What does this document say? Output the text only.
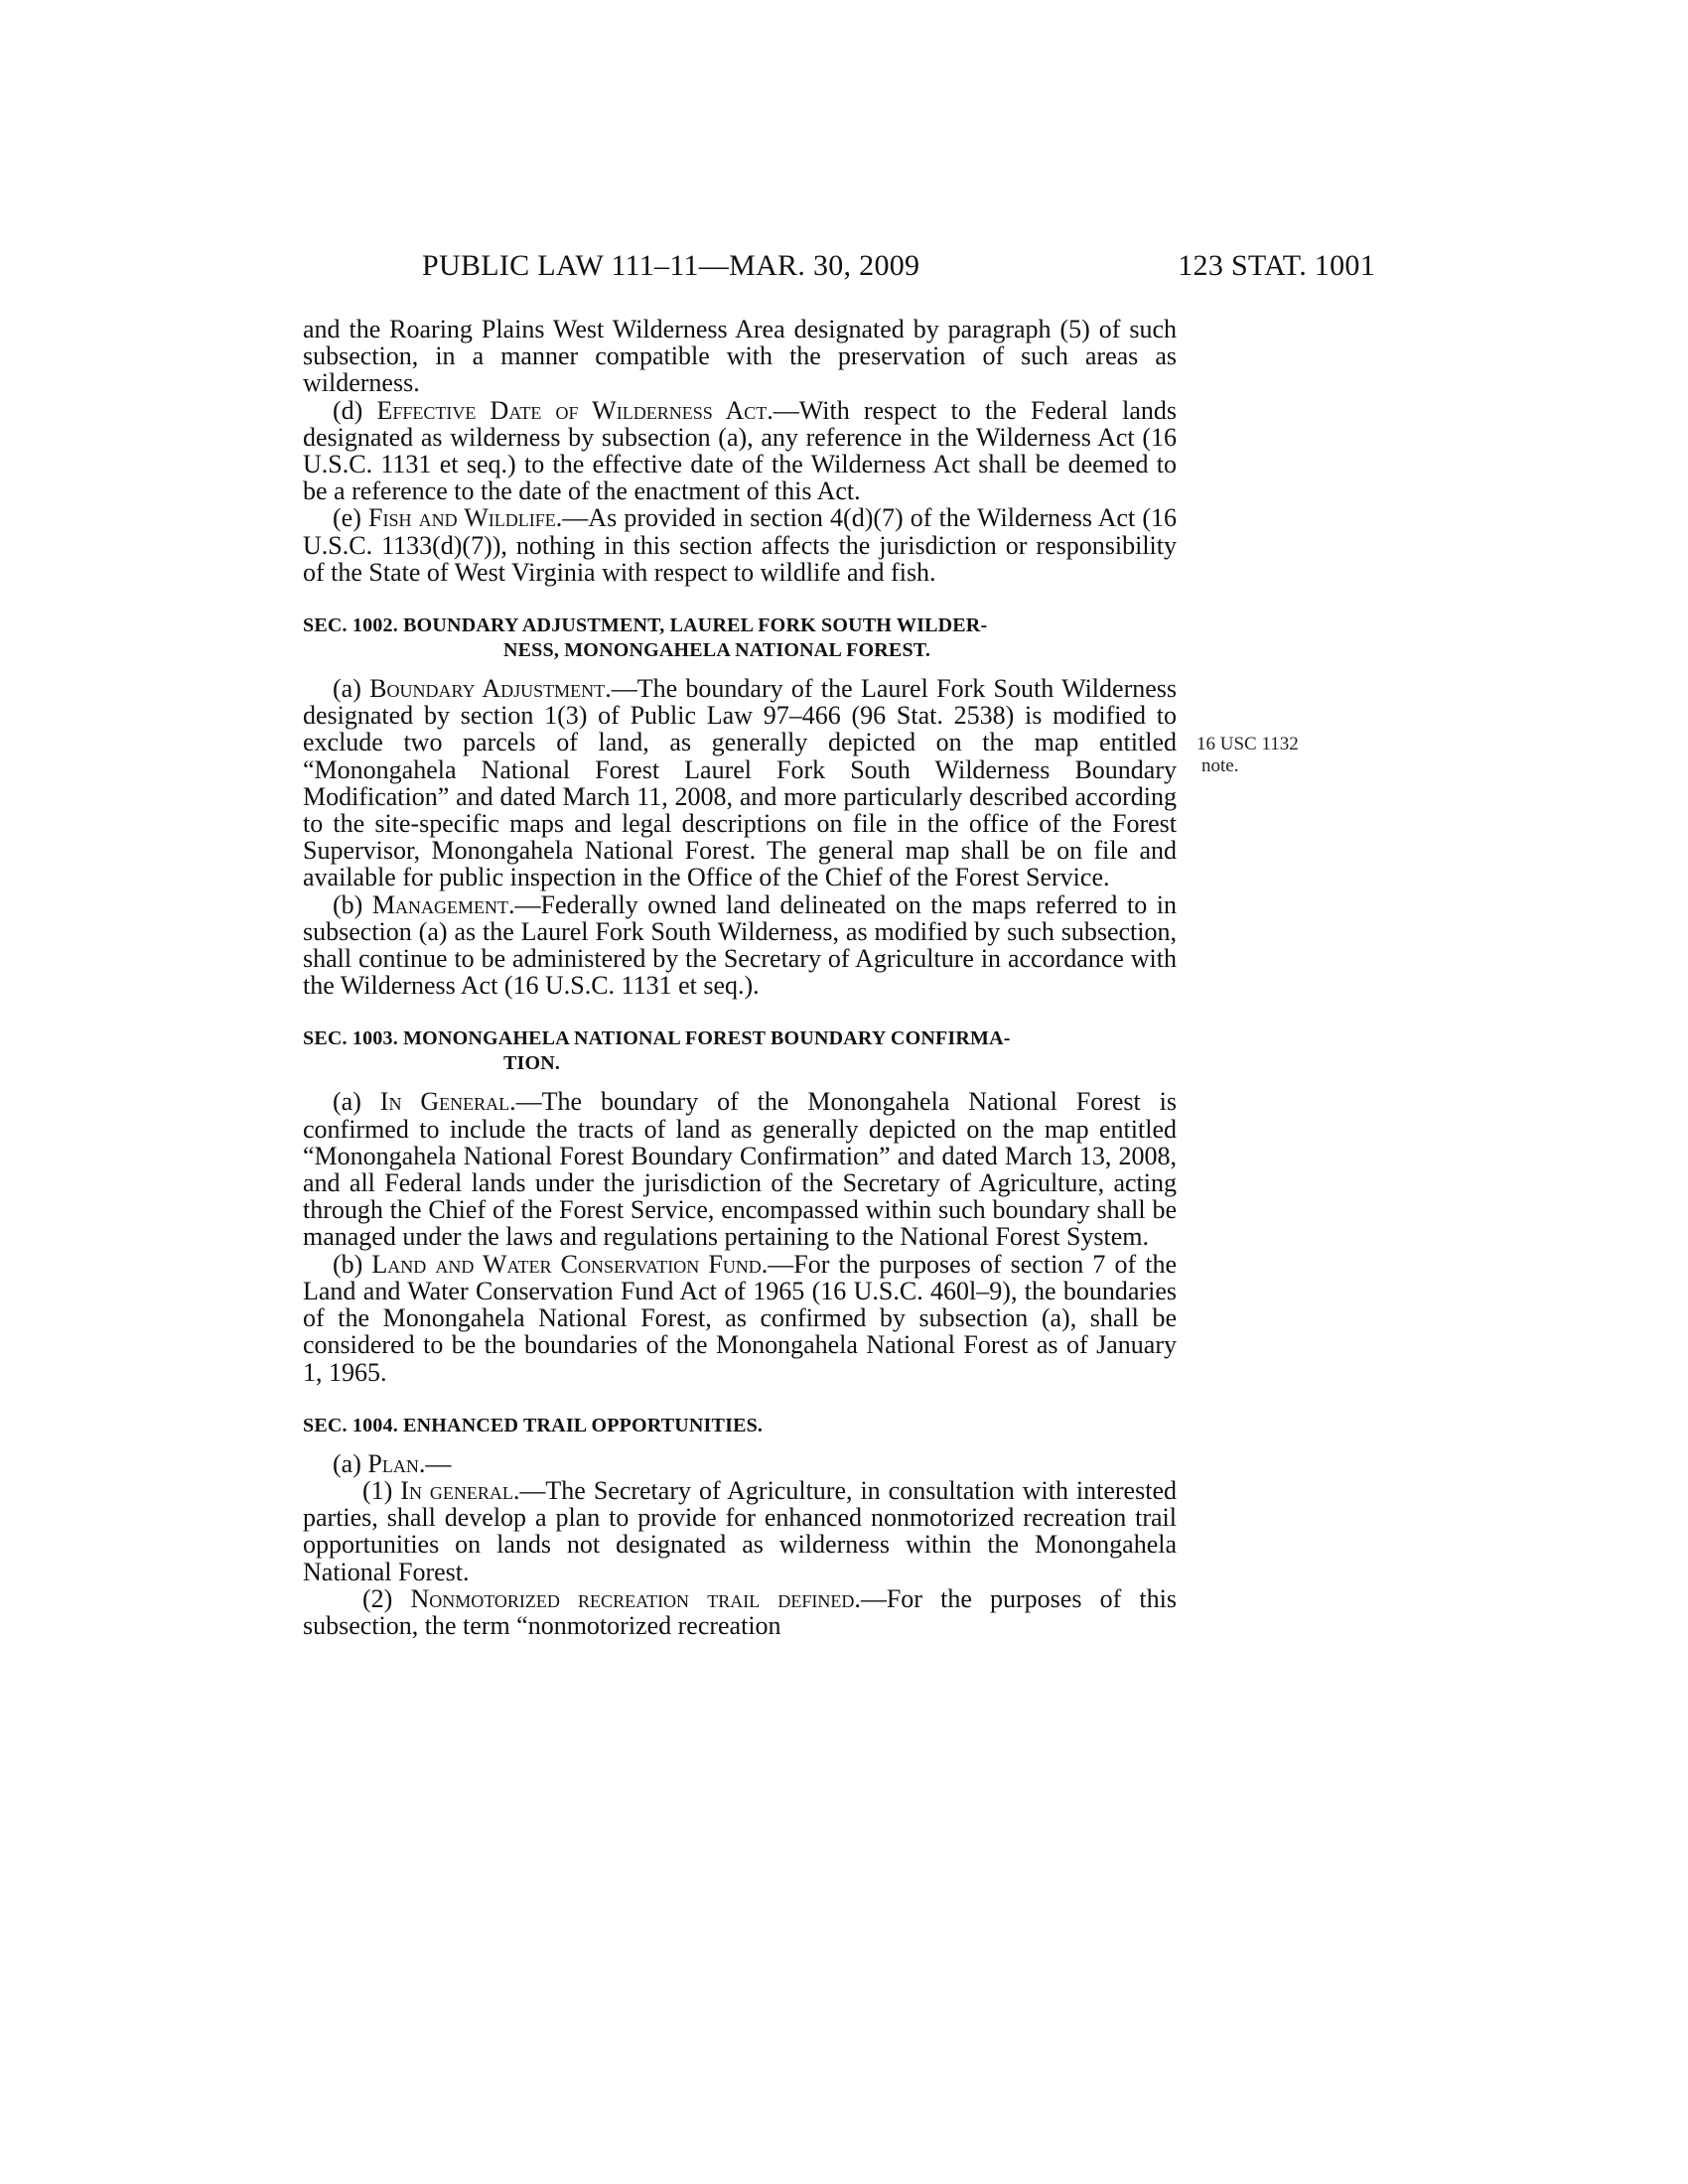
PUBLIC LAW 111–11—MAR. 30, 2009	123 STAT. 1001
16 USC 1132
note.

and the Roaring Plains West Wilderness Area designated by paragraph (5) of such subsection, in a manner compatible with the preservation of such areas as wilderness.

(d) Effective Date of Wilderness Act.—With respect to the Federal lands designated as wilderness by subsection (a), any reference in the Wilderness Act (16 U.S.C. 1131 et seq.) to the effective date of the Wilderness Act shall be deemed to be a reference to the date of the enactment of this Act.

(e) Fish and Wildlife.—As provided in section 4(d)(7) of the Wilderness Act (16 U.S.C. 1133(d)(7)), nothing in this section affects the jurisdiction or responsibility of the State of West Virginia with respect to wildlife and fish.

SEC. 1002. BOUNDARY ADJUSTMENT, LAUREL FORK SOUTH WILDER-
NESS, MONONGAHELA NATIONAL FOREST.

(a) Boundary Adjustment.—The boundary of the Laurel Fork South Wilderness designated by section 1(3) of Public Law 97–466 (96 Stat. 2538) is modified to exclude two parcels of land, as generally depicted on the map entitled “Monongahela National Forest Laurel Fork South Wilderness Boundary Modification” and dated March 11, 2008, and more particularly described according to the site-specific maps and legal descriptions on file in the office of the Forest Supervisor, Monongahela National Forest. The general map shall be on file and available for public inspection in the Office of the Chief of the Forest Service.

(b) Management.—Federally owned land delineated on the maps referred to in subsection (a) as the Laurel Fork South Wilderness, as modified by such subsection, shall continue to be administered by the Secretary of Agriculture in accordance with the Wilderness Act (16 U.S.C. 1131 et seq.).

SEC. 1003. MONONGAHELA NATIONAL FOREST BOUNDARY CONFIRMA-
TION.

(a) In General.—The boundary of the Monongahela National Forest is confirmed to include the tracts of land as generally depicted on the map entitled “Monongahela National Forest Boundary Confirmation” and dated March 13, 2008, and all Federal lands under the jurisdiction of the Secretary of Agriculture, acting through the Chief of the Forest Service, encompassed within such boundary shall be managed under the laws and regulations pertaining to the National Forest System.

(b) Land and Water Conservation Fund.—For the purposes of section 7 of the Land and Water Conservation Fund Act of 1965 (16 U.S.C. 460l–9), the boundaries of the Monongahela National Forest, as confirmed by subsection (a), shall be considered to be the boundaries of the Monongahela National Forest as of January 1, 1965.

SEC. 1004. ENHANCED TRAIL OPPORTUNITIES.

(a) Plan.—

(1) In general.—The Secretary of Agriculture, in consultation with interested parties, shall develop a plan to provide for enhanced nonmotorized recreation trail opportunities on lands not designated as wilderness within the Monongahela National Forest.

(2) Nonmotorized recreation trail defined.—For the purposes of this subsection, the term “nonmotorized recreation
